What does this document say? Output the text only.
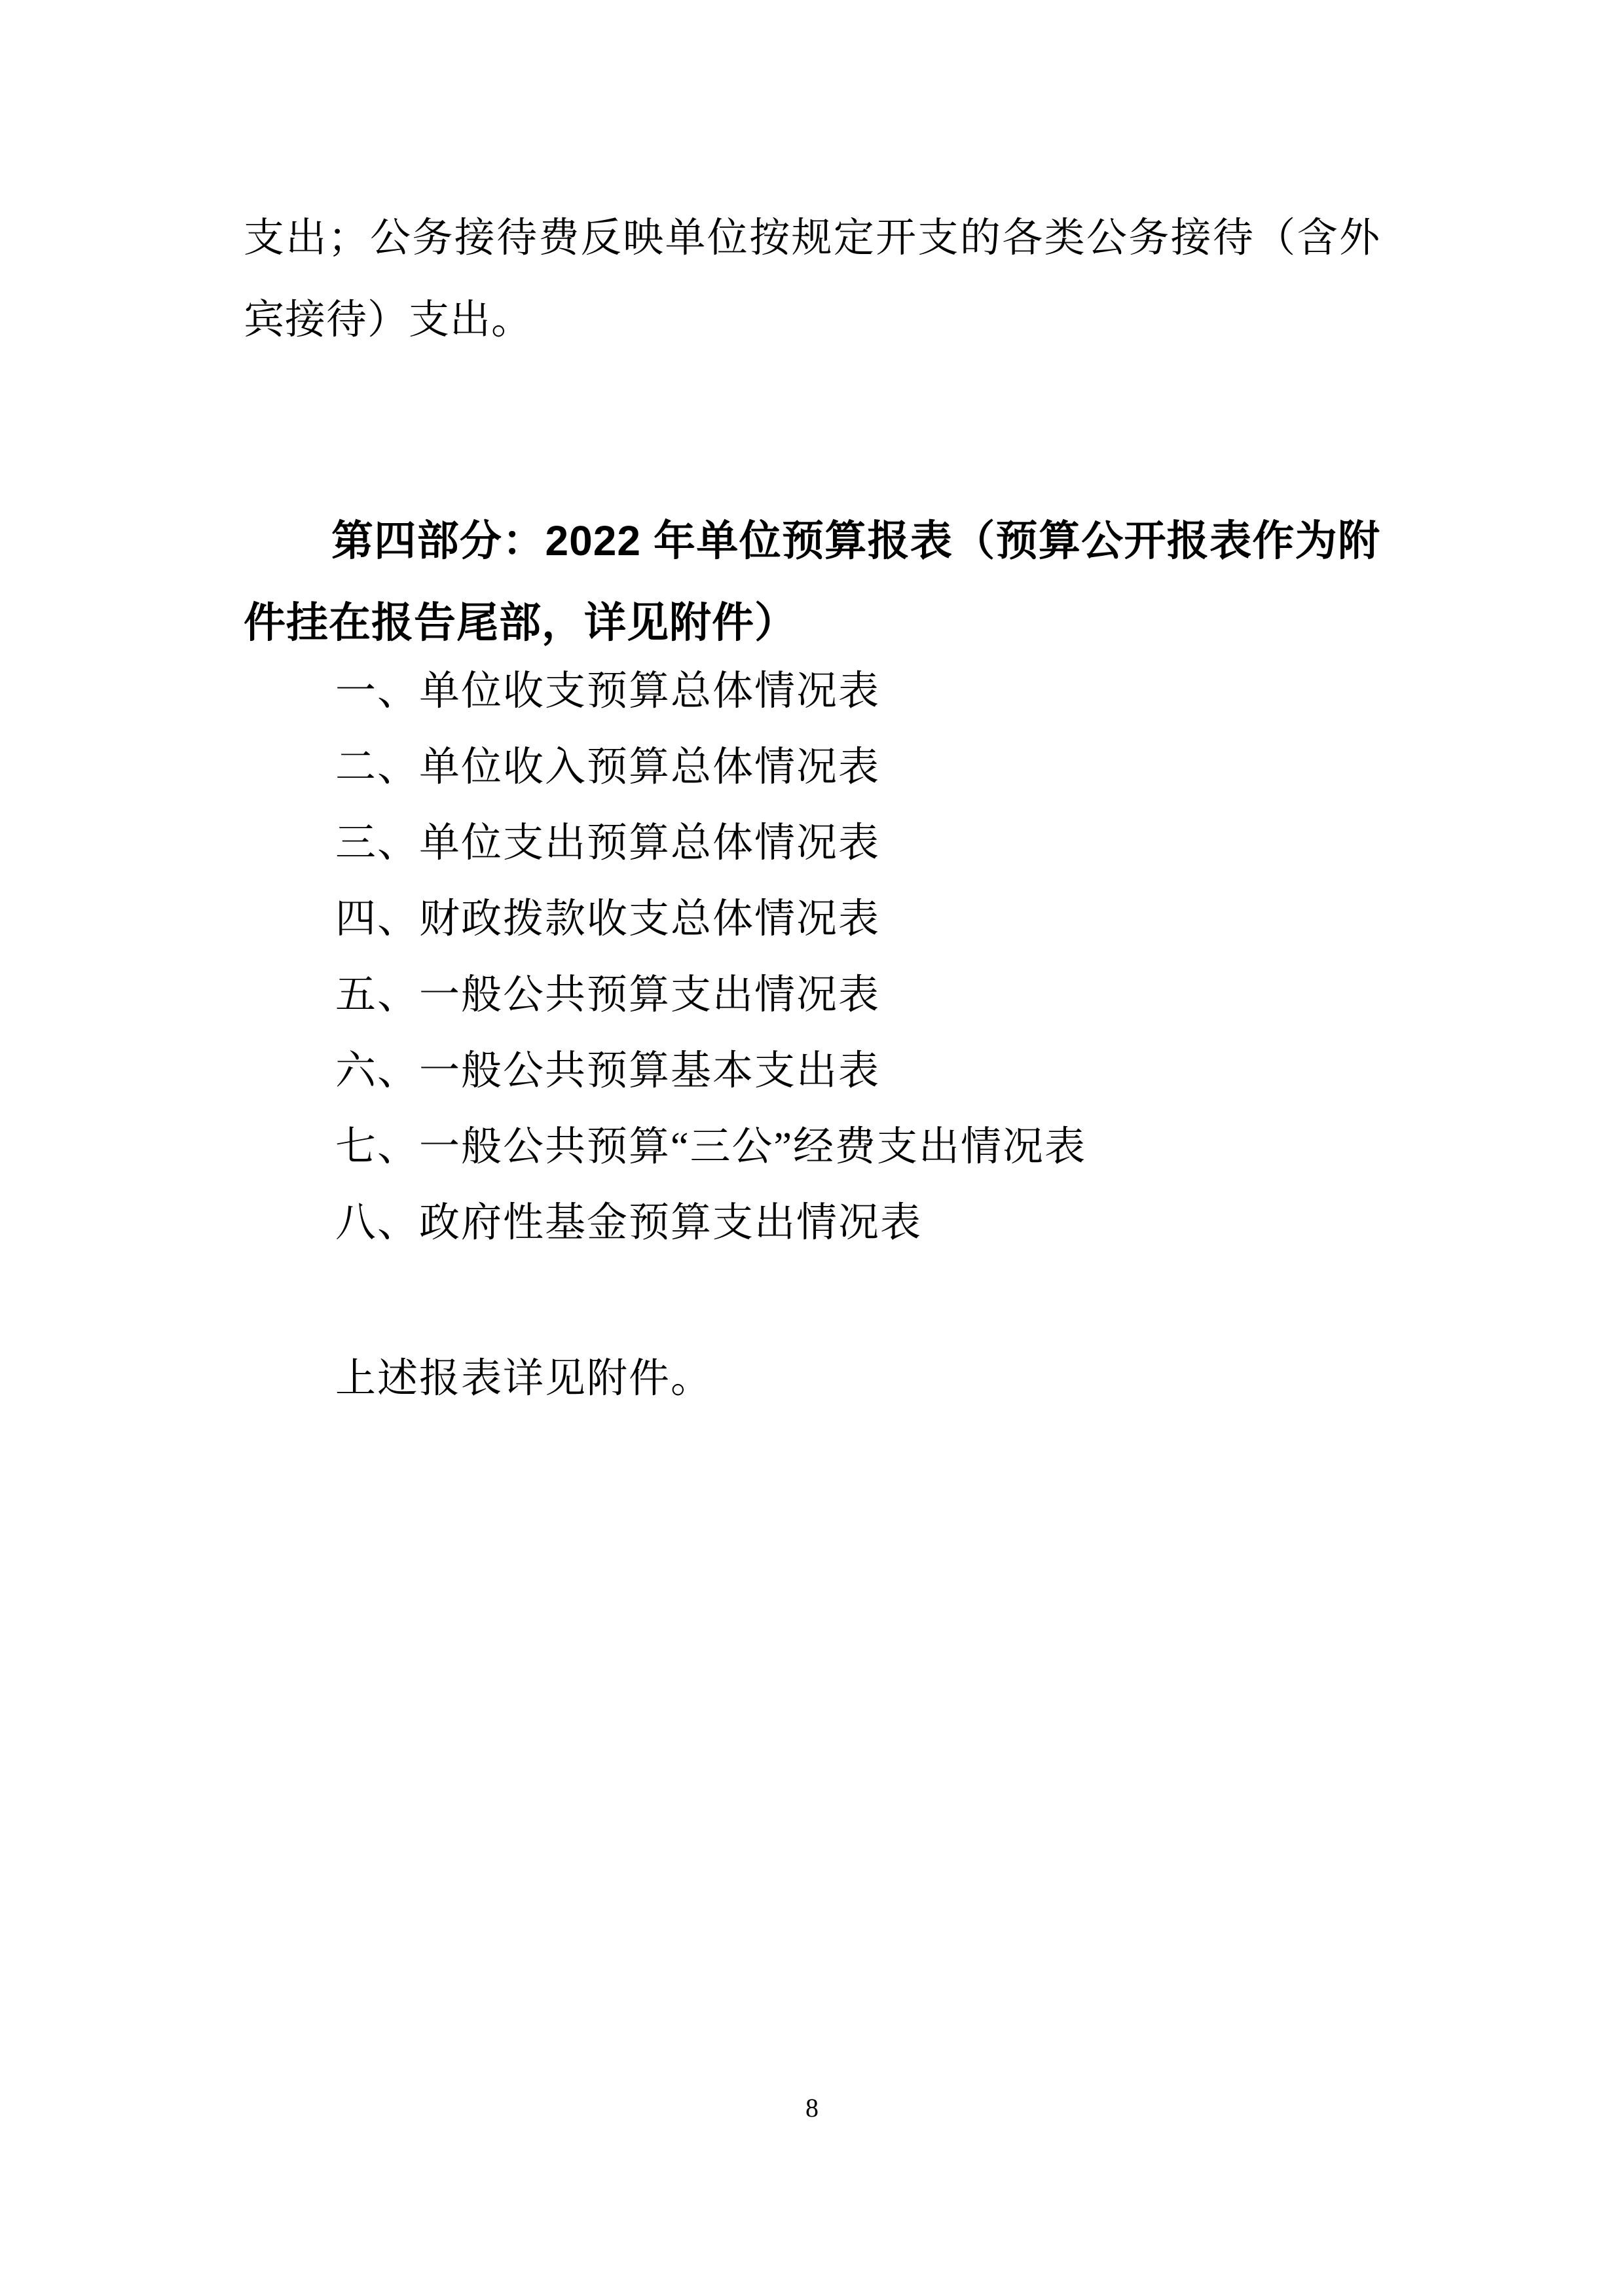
支出；公务接待费反映单位按规定开支的各类公务接待（含外宾接待）支出。

第四部分：2022 年单位预算报表（预算公开报表作为附件挂在报告尾部，详见附件）
一、单位收支预算总体情况表
二、单位收入预算总体情况表
三、单位支出预算总体情况表
四、财政拨款收支总体情况表
五、一般公共预算支出情况表
六、一般公共预算基本支出表
七、一般公共预算“三公”经费支出情况表
八、政府性基金预算支出情况表

上述报表详见附件。

8
